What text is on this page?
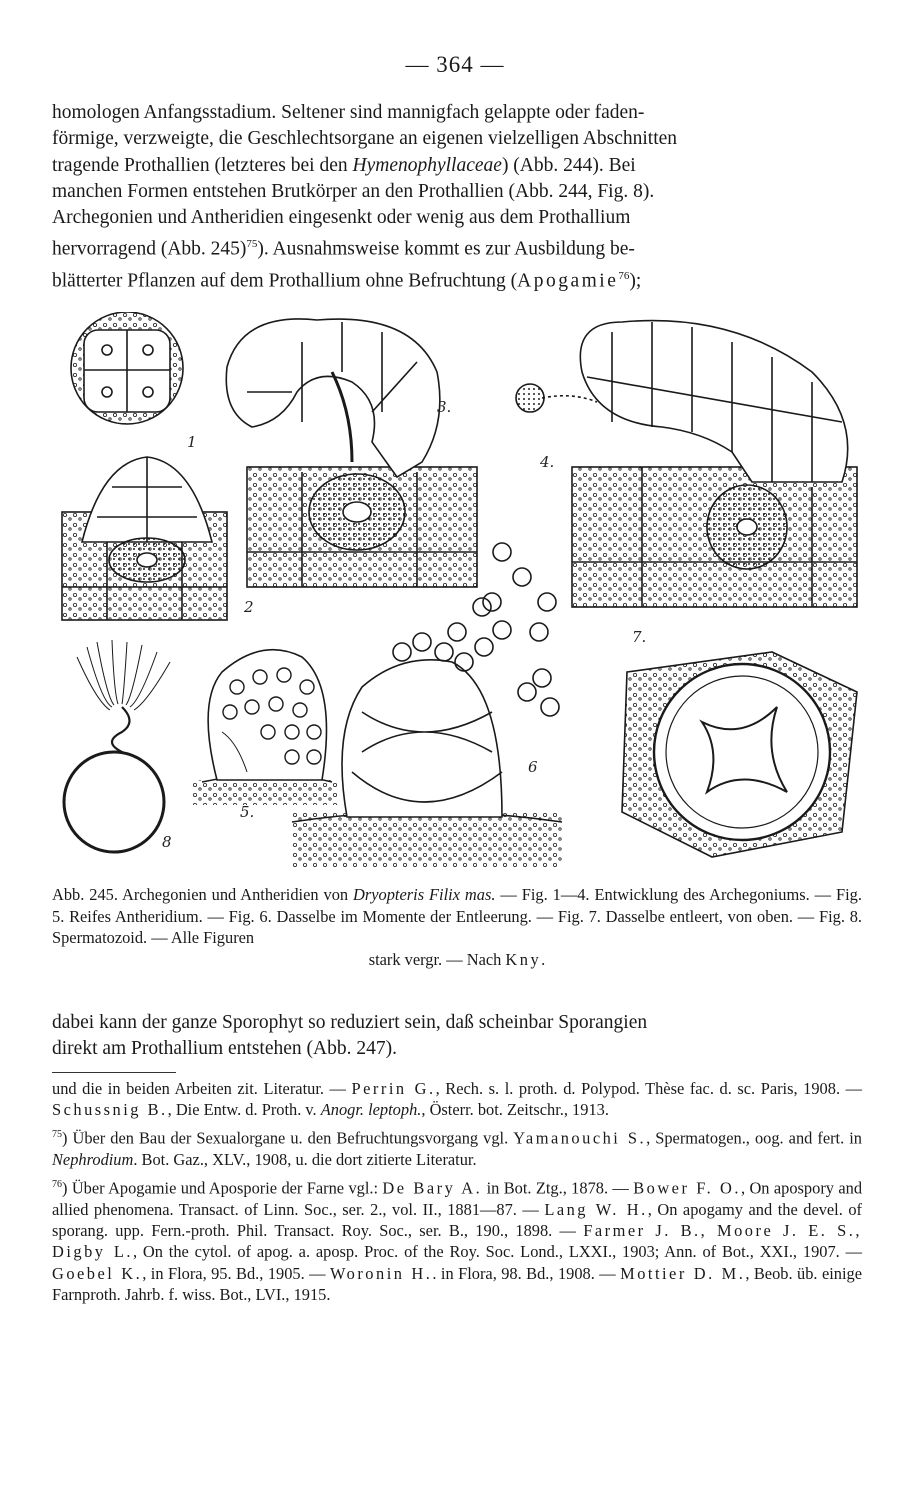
— 364 —

homologen Anfangsstadium. Seltener sind mannigfach gelappte oder faden-

förmige, verzweigte, die Geschlechtsorgane an eigenen vielzelligen Abschnitten

tragende Prothallien (letzteres bei den Hymenophyllaceae) (Abb. 244). Bei

manchen Formen entstehen Brutkörper an den Prothallien (Abb. 244, Fig. 8).

Archegonien und Antheridien eingesenkt oder wenig aus dem Prothallium

hervorragend (Abb. 245)$^{75}$). Ausnahmsweise kommt es zur Ausbildung be-

blätterter Pflanzen auf dem Prothallium ohne Befruchtung (Apogamie$^{76}$);

1
2
3.
4.
5.
6
7.
8

Abb. 245. Archegonien und Antheridien von Dryopteris Filix mas. — Fig. 1—4. Entwicklung des Archegoniums. — Fig. 5. Reifes Antheridium. — Fig. 6. Dasselbe im Momente der Entleerung. — Fig. 7. Dasselbe entleert, von oben. — Fig. 8. Spermatozoid. — Alle Figuren

stark vergr. — Nach Kny.

dabei kann der ganze Sporophyt so reduziert sein, daß scheinbar Sporangien

direkt am Prothallium entstehen (Abb. 247).

und die in beiden Arbeiten zit. Literatur. — Perrin G., Rech. s. l. proth. d. Polypod. Thèse fac. d. sc. Paris, 1908. — Schussnig B., Die Entw. d. Proth. v. Anogr. leptoph., Österr. bot. Zeitschr., 1913.

$^{75}$) Über den Bau der Sexualorgane u. den Befruchtungsvorgang vgl. Yamanouchi S., Spermatogen., oog. and fert. in Nephrodium. Bot. Gaz., XLV., 1908, u. die dort zitierte Literatur.

$^{76}$) Über Apogamie und Aposporie der Farne vgl.: De Bary A. in Bot. Ztg., 1878. — Bower F. O., On apospory and allied phenomena. Transact. of Linn. Soc., ser. 2., vol. II., 1881—87. — Lang W. H., On apogamy and the devel. of sporang. upp. Fern.-proth. Phil. Transact. Roy. Soc., ser. B., 190., 1898. — Farmer J. B., Moore J. E. S., Digby L., On the cytol. of apog. a. aposp. Proc. of the Roy. Soc. Lond., LXXI., 1903; Ann. of Bot., XXI., 1907. — Goebel K., in Flora, 95. Bd., 1905. — Woronin H.. in Flora, 98. Bd., 1908. — Mottier D. M., Beob. üb. einige Farnproth. Jahrb. f. wiss. Bot., LVI., 1915.
